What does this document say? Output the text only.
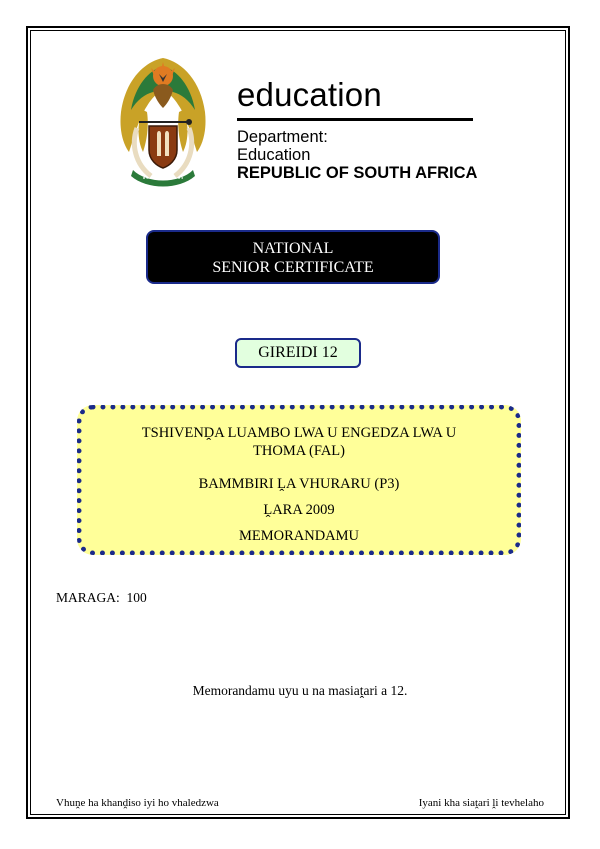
education
Department:
Education
REPUBLIC OF SOUTH AFRICA
NATIONAL
SENIOR CERTIFICATE
GIREIDI 12
TSHIVENḒA LUAMBO LWA U ENGEDZA LWA U
THOMA (FAL)
BAMMBIRI ḼA VHURARU (P3)
ḼARA 2009
MEMORANDAMU
MARAGA: 100
Memorandamu uyu u na masiaṱari a 12.
Vhuṋe ha khanḓiso iyi ho vhaledzwa	Iyani kha siaṱari ḽi tevhelaho
